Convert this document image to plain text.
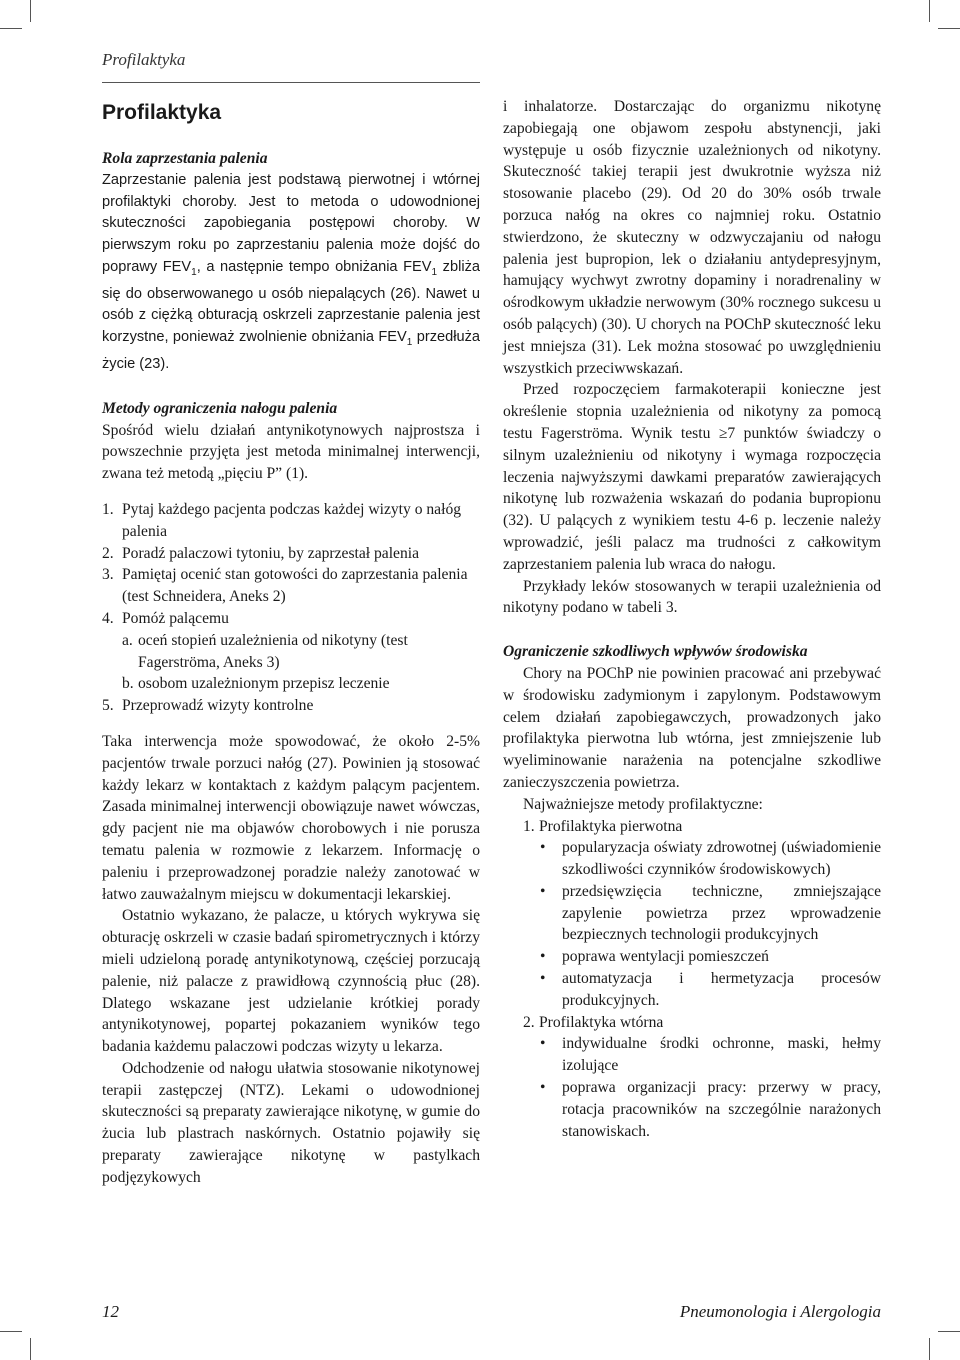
Profilaktyka
Profilaktyka

Rola zaprzestania palenia

Zaprzestanie palenia jest podstawą pierwotnej i wtórnej profilaktyki choroby. Jest to metoda o udowodnionej skuteczności zapobiegania postępowi choroby. W pierwszym roku po zaprzestaniu palenia może dojść do poprawy $FEV_1$, a następnie tempo obniżania $FEV_1$ zbliża się do obserwowanego u osób niepalących (26). Nawet u osób z ciężką obturacją oskrzeli zaprzestanie palenia jest korzystne, ponieważ zwolnienie obniżania $FEV_1$ przedłuża życie (23).

Metody ograniczenia nałogu palenia

Spośród wielu działań antynikotynowych najprostsza i powszechnie przyjęta jest metoda minimalnej interwencji, zwana też metodą „pięciu P” (1).

1. Pytaj każdego pacjenta podczas każdej wizyty o nałóg palenia
2. Poradź palaczowi tytoniu, by zaprzestał palenia
3. Pamiętaj ocenić stan gotowości do zaprzestania palenia (test Schneidera, Aneks 2)
4. Pomóż palącemu
a. oceń stopień uzależnienia od nikotyny (test Fagerströma, Aneks 3)
b. osobom uzależnionym przepisz leczenie
5. Przeprowadź wizyty kontrolne

Taka interwencja może spowodować, że około 2-5% pacjentów trwale porzuci nałóg (27). Powinien ją stosować każdy lekarz w kontaktach z każdym palącym pacjentem. Zasada minimalnej interwencji obowiązuje nawet wówczas, gdy pacjent nie ma objawów chorobowych i nie porusza tematu palenia w rozmowie z lekarzem. Informację o paleniu i przeprowadzonej poradzie należy zanotować w łatwo zauważalnym miejscu w dokumentacji lekarskiej.

Ostatnio wykazano, że palacze, u których wykrywa się obturację oskrzeli w czasie badań spirometrycznych i którzy mieli udzieloną poradę antynikotynową, częściej porzucają palenie, niż palacze z prawidłową czynnością płuc (28). Dlatego wskazane jest udzielanie krótkiej porady antynikotynowej, popartej pokazaniem wyników tego badania każdemu palaczowi podczas wizyty u lekarza.

Odchodzenie od nałogu ułatwia stosowanie nikotynowej terapii zastępczej (NTZ). Lekami o udowodnionej skuteczności są preparaty zawierające nikotynę, w gumie do żucia lub plastrach naskórnych. Ostatnio pojawiły się preparaty zawierające nikotynę w pastylkach podjęzykowych

i inhalatorze. Dostarczając do organizmu nikotynę zapobiegają one objawom zespołu abstynencji, jaki występuje u osób fizycznie uzależnionych od nikotyny. Skuteczność takiej terapii jest dwukrotnie wyższa niż stosowanie placebo (29). Od 20 do 30% osób trwale porzuca nałóg na okres co najmniej roku. Ostatnio stwierdzono, że skuteczny w odzwyczajaniu od nałogu palenia jest bupropion, lek o działaniu antydepresyjnym, hamujący wychwyt zwrotny dopaminy i noradrenaliny w ośrodkowym układzie nerwowym (30% rocznego sukcesu u osób palących) (30). U chorych na POChP skuteczność leku jest mniejsza (31). Lek można stosować po uwzględnieniu wszystkich przeciwwskazań.

Przed rozpoczęciem farmakoterapii konieczne jest określenie stopnia uzależnienia od nikotyny za pomocą testu Fagerströma. Wynik testu ≥7 punktów świadczy o silnym uzależnieniu od nikotyny i wymaga rozpoczęcia leczenia najwyższymi dawkami preparatów zawierających nikotynę lub rozważenia wskazań do podania bupropionu (32). U palących z wynikiem testu 4-6 p. leczenie należy wprowadzić, jeśli palacz ma trudności z całkowitym zaprzestaniem palenia lub wraca do nałogu.

Przykłady leków stosowanych w terapii uzależnienia od nikotyny podano w tabeli 3.

Ograniczenie szkodliwych wpływów środowiska

Chory na POChP nie powinien pracować ani przebywać w środowisku zadymionym i zapylonym. Podstawowym celem działań zapobiegawczych, prowadzonych jako profilaktyka pierwotna lub wtórna, jest zmniejszenie lub wyeliminowanie narażenia na potencjalne szkodliwe zanieczyszczenia powietrza.

Najważniejsze metody profilaktyczne:

1. Profilaktyka pierwotna
• popularyzacja oświaty zdrowotnej (uświadomienie szkodliwości czynników środowiskowych)
• przedsięwzięcia techniczne, zmniejszające zapylenie powietrza przez wprowadzenie bezpiecznych technologii produkcyjnych
• poprawa wentylacji pomieszczeń
• automatyzacja i hermetyzacja procesów produkcyjnych.
2. Profilaktyka wtórna
• indywidualne środki ochronne, maski, hełmy izolujące
• poprawa organizacji pracy: przerwy w pracy, rotacja pracowników na szczególnie narażonych stanowiskach.
12	Pneumonologia i Alergologia
